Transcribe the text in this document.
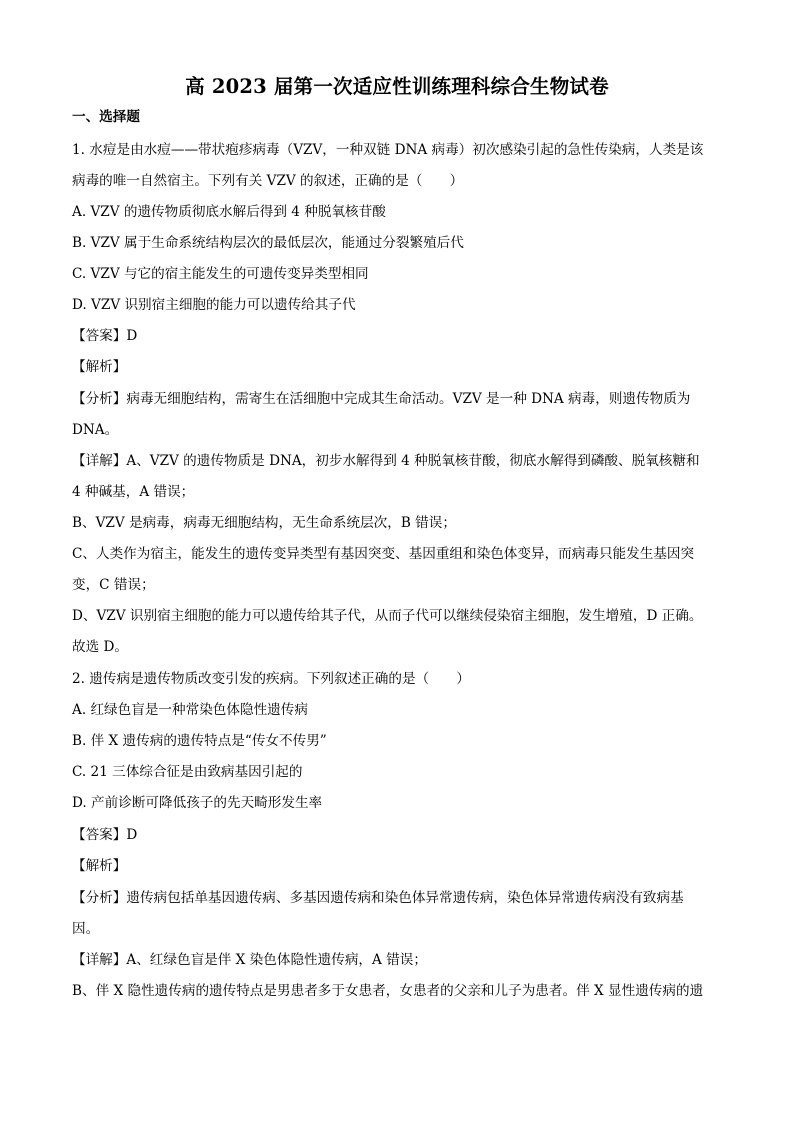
高 2023 届第一次适应性训练理科综合生物试卷
一、选择题
1. 水痘是由水痘——带状疱疹病毒（VZV，一种双链 DNA 病毒）初次感染引起的急性传染病，人类是该
病毒的唯一自然宿主。下列有关 VZV 的叙述，正确的是（　　）
A. VZV 的遗传物质彻底水解后得到 4 种脱氧核苷酸
B. VZV 属于生命系统结构层次的最低层次，能通过分裂繁殖后代
C. VZV 与它的宿主能发生的可遗传变异类型相同
D. VZV 识别宿主细胞的能力可以遗传给其子代
【答案】D
【解析】
【分析】病毒无细胞结构，需寄生在活细胞中完成其生命活动。VZV 是一种 DNA 病毒，则遗传物质为
DNA。
【详解】A、VZV 的遗传物质是 DNA，初步水解得到 4 种脱氧核苷酸，彻底水解得到磷酸、脱氧核糖和
4 种碱基，A 错误；
B、VZV 是病毒，病毒无细胞结构，无生命系统层次，B 错误；
C、人类作为宿主，能发生的遗传变异类型有基因突变、基因重组和染色体变异，而病毒只能发生基因突
变，C 错误；
D、VZV 识别宿主细胞的能力可以遗传给其子代，从而子代可以继续侵染宿主细胞，发生增殖，D 正确。
故选 D。
2. 遗传病是遗传物质改变引发的疾病。下列叙述正确的是（　　）
A. 红绿色盲是一种常染色体隐性遗传病
B. 伴 X 遗传病的遗传特点是“传女不传男”
C. 21 三体综合征是由致病基因引起的
D. 产前诊断可降低孩子的先天畸形发生率
【答案】D
【解析】
【分析】遗传病包括单基因遗传病、多基因遗传病和染色体异常遗传病，染色体异常遗传病没有致病基
因。
【详解】A、红绿色盲是伴 X 染色体隐性遗传病，A 错误；
B、伴 X 隐性遗传病的遗传特点是男患者多于女患者，女患者的父亲和儿子为患者。伴 X 显性遗传病的遗
